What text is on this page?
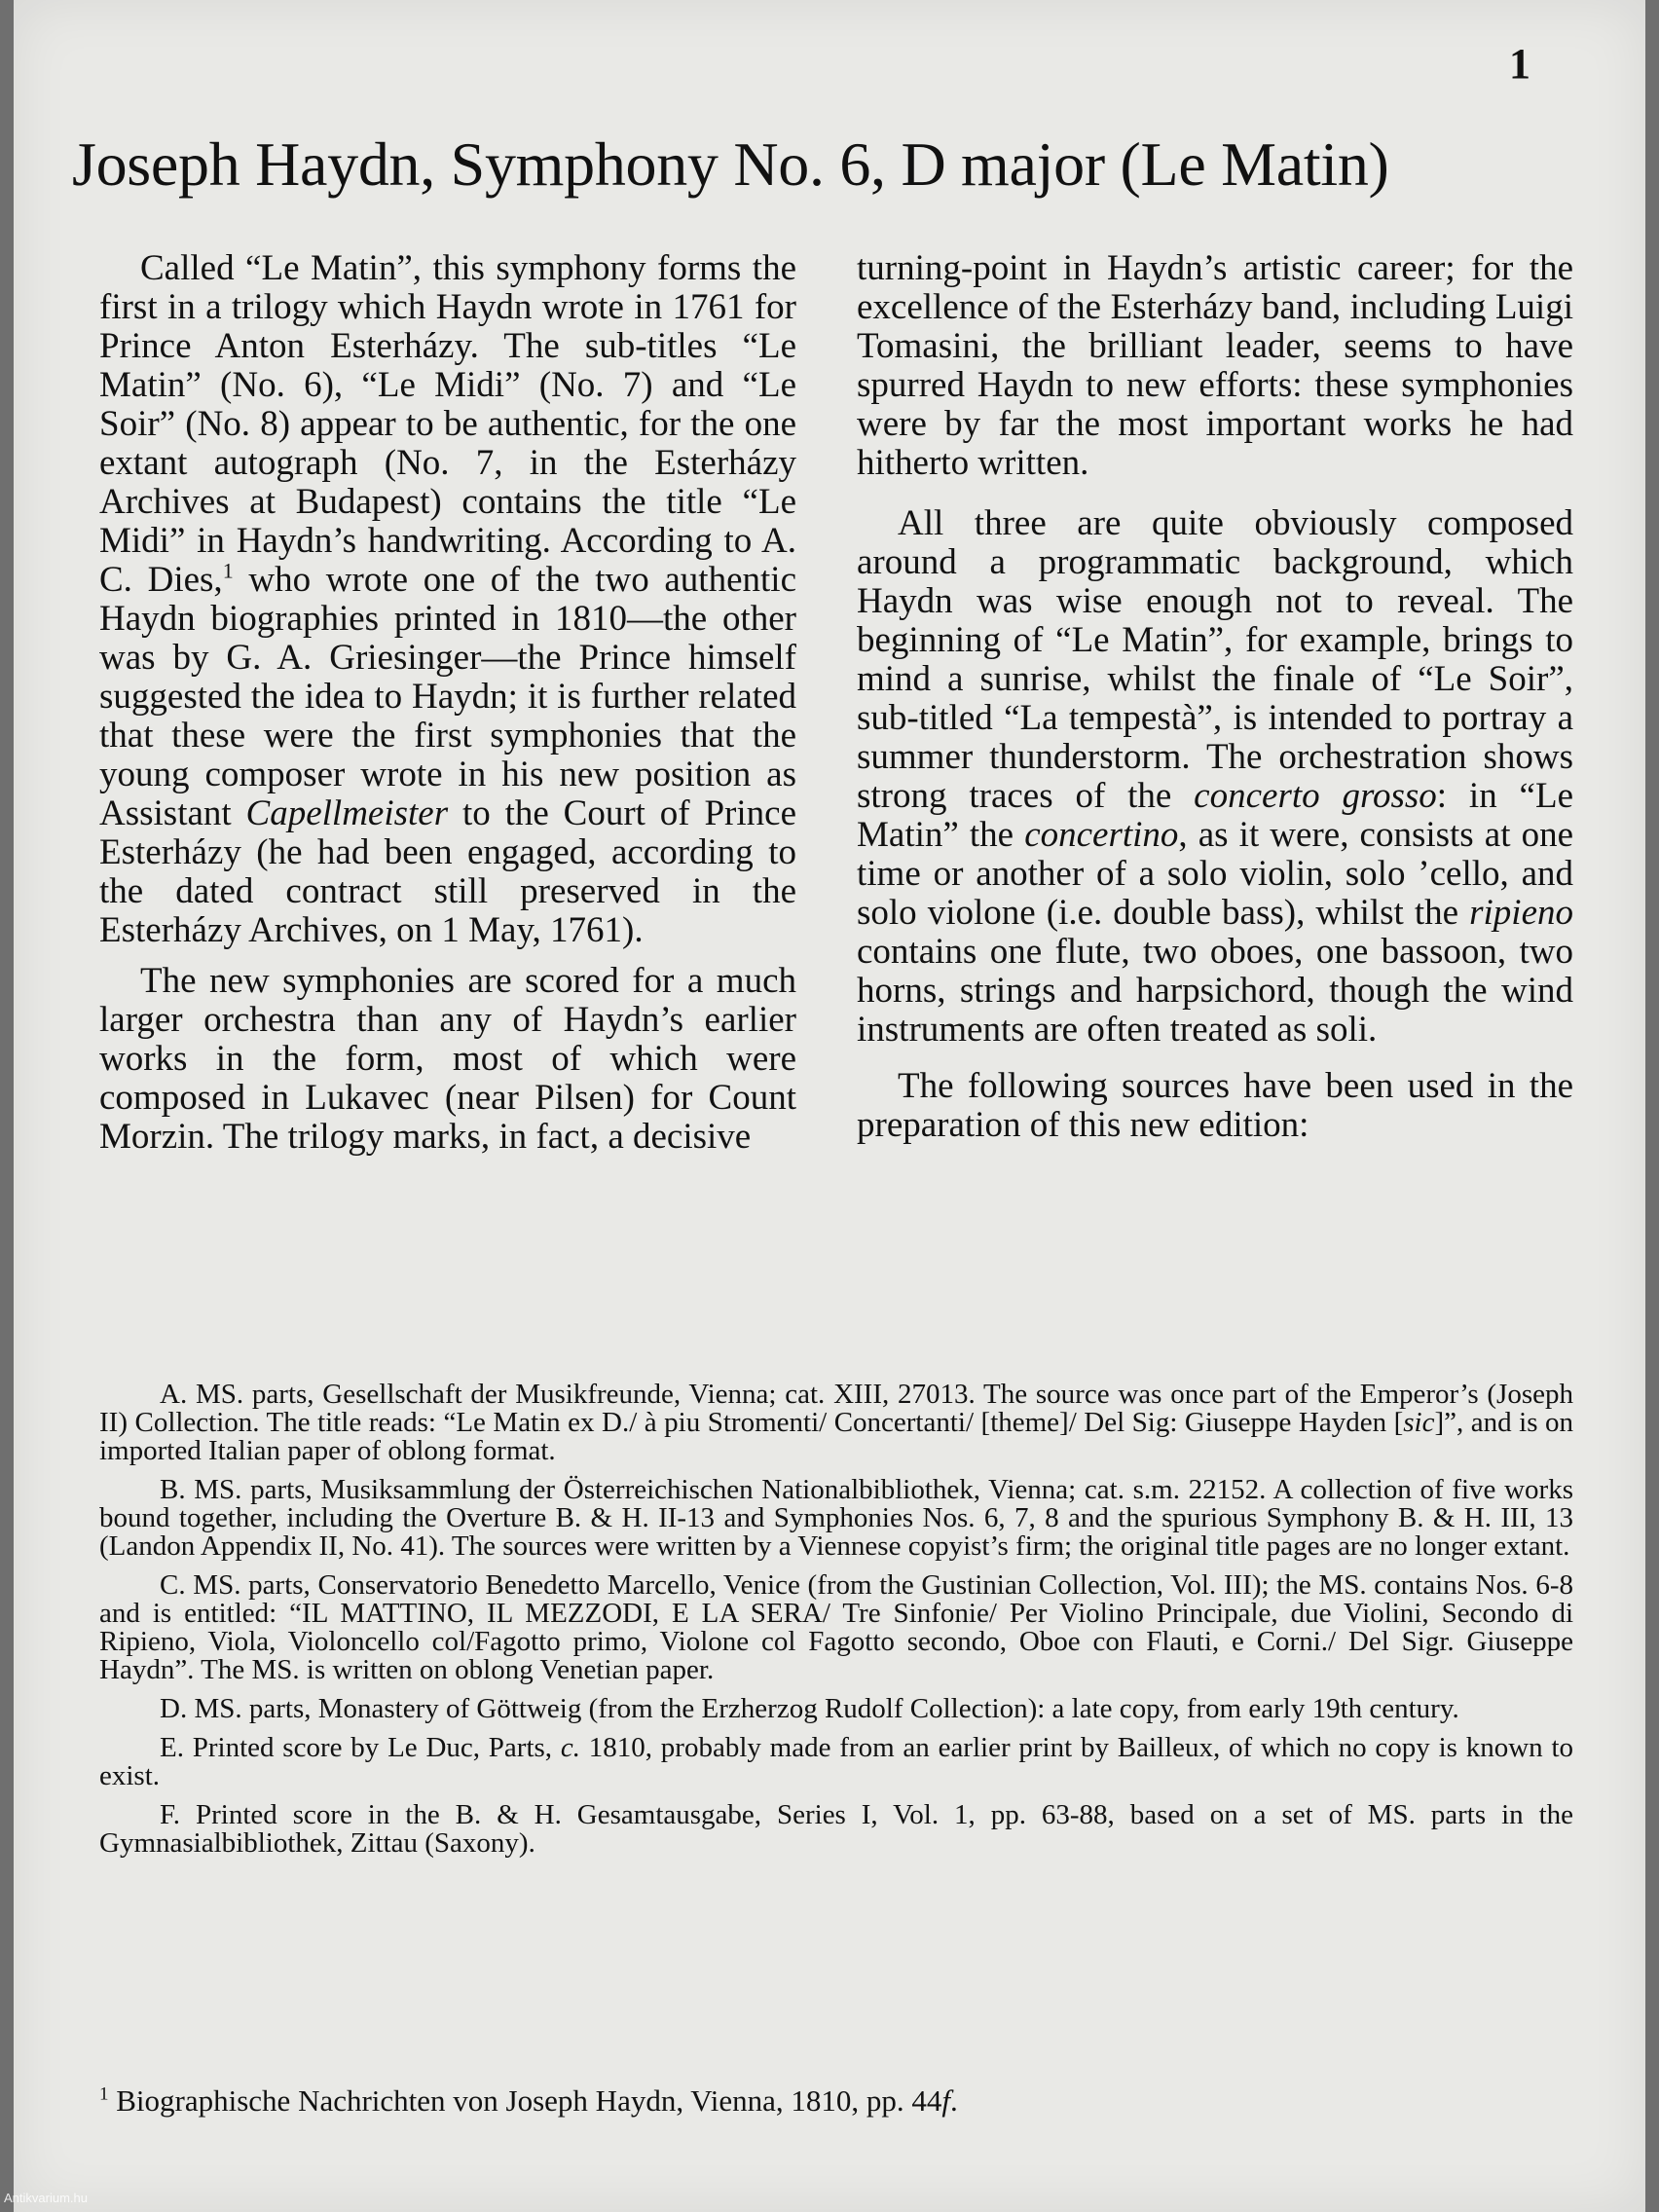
1
Joseph Haydn, Symphony No. 6, D major (Le Matin)

Called “Le Matin”, this symphony forms the first in a trilogy which Haydn wrote in 1761 for Prince Anton Esterházy. The sub-titles “Le Matin” (No. 6), “Le Midi” (No. 7) and “Le Soir” (No. 8) appear to be authentic, for the one extant autograph (No. 7, in the Esterházy Archives at Budapest) contains the title “Le Midi” in Haydn’s handwriting. According to A. C. Dies,$^1$ who wrote one of the two authentic Haydn biographies printed in 1810—the other was by G. A. Griesinger—the Prince himself suggested the idea to Haydn; it is further related that these were the first symphonies that the young composer wrote in his new position as Assistant Capellmeister to the Court of Prince Esterházy (he had been engaged, according to the dated contract still preserved in the Esterházy Archives, on 1 May, 1761).

The new symphonies are scored for a much larger orchestra than any of Haydn’s earlier works in the form, most of which were composed in Lukavec (near Pilsen) for Count Morzin. The trilogy marks, in fact, a decisive

turning-point in Haydn’s artistic career; for the excellence of the Esterházy band, including Luigi Tomasini, the brilliant leader, seems to have spurred Haydn to new efforts: these symphonies were by far the most important works he had hitherto written.

All three are quite obviously composed around a programmatic background, which Haydn was wise enough not to reveal. The beginning of “Le Matin”, for example, brings to mind a sunrise, whilst the finale of “Le Soir”, sub-titled “La tempestà”, is intended to portray a summer thunderstorm. The orchestration shows strong traces of the concerto grosso: in “Le Matin” the concertino, as it were, consists at one time or another of a solo violin, solo ’cello, and solo violone (i.e. double bass), whilst the ripieno contains one flute, two oboes, one bassoon, two horns, strings and harpsichord, though the wind instruments are often treated as soli.

The following sources have been used in the preparation of this new edition:

A. MS. parts, Gesellschaft der Musikfreunde, Vienna; cat. XIII, 27013. The source was once part of the Emperor’s (Joseph II) Collection. The title reads: “Le Matin ex D./ à piu Stromenti/ Concertanti/ [theme]/ Del Sig: Giuseppe Hayden [sic]”, and is on imported Italian paper of oblong format.

B. MS. parts, Musiksammlung der Österreichischen Nationalbibliothek, Vienna; cat. s.m. 22152. A collection of five works bound together, including the Overture B. & H. II-13 and Symphonies Nos. 6, 7, 8 and the spurious Symphony B. & H. III, 13 (Landon Appendix II, No. 41). The sources were written by a Viennese copyist’s firm; the original title pages are no longer extant.

C. MS. parts, Conservatorio Benedetto Marcello, Venice (from the Gustinian Collection, Vol. III); the MS. contains Nos. 6-8 and is entitled: “IL MATTINO, IL MEZZODI, E LA SERA/ Tre Sinfonie/ Per Violino Principale, due Violini, Secondo di Ripieno, Viola, Violoncello col/Fagotto primo, Violone col Fagotto secondo, Oboe con Flauti, e Corni./ Del Sigr. Giuseppe Haydn”. The MS. is written on oblong Venetian paper.

D. MS. parts, Monastery of Göttweig (from the Erzherzog Rudolf Collection): a late copy, from early 19th century.

E. Printed score by Le Duc, Parts, c. 1810, probably made from an earlier print by Bailleux, of which no copy is known to exist.

F. Printed score in the B. & H. Gesamtausgabe, Series I, Vol. 1, pp. 63-88, based on a set of MS. parts in the Gymnasialbibliothek, Zittau (Saxony).

$^1$ Biographische Nachrichten von Joseph Haydn, Vienna, 1810, pp. 44f.
Antikvarium.hu
